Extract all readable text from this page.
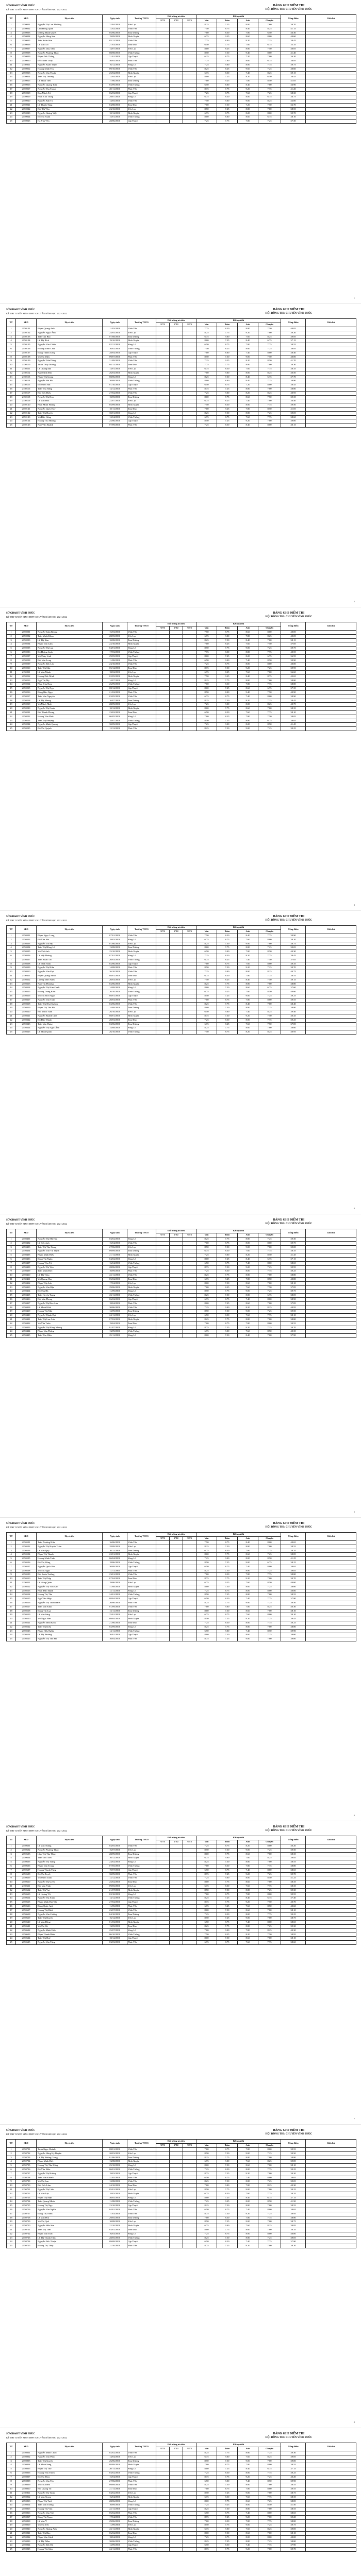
SỞ GD&ĐT VĨNH PHÚC
KỲ THI TUYỂN SINH THPT CHUYÊN NĂM HỌC 2021-2022
BẢNG GHI ĐIỂM THI
HỘI ĐỒNG THI: CHUYÊN VĨNH PHÚC
TT	SBD	Họ và tên	Ngày sinh	Trường THCS	Đối tượng ưu tiên			Kết quả thi				Tổng điểm	Ghi chú
					ƯT1	ƯT2	ƯT3	Văn	Toán	Anh	Chuyên		
1	2150001	Nguyễn Thị Lan Phương	22/04/2006	Yên Lạc				8.25	7.25	9.00	7.60	39.70	
2	2150002	Chu Hồng Quân	11/02/2006	Vĩnh Yên				7.50	8.75	8.40	8.25	41.15	
3	2150003	Dương Minh Quyết	05/06/2006	Tam Dương				7.00	8.50	7.80	6.50	36.30	
4	2150004	Nguyễn Hồng Sơn	19/09/2006	Bình Xuyên				6.75	9.25	8.60	8.00	40.60	
5	2150005	Trần Xuân Sơn	03/11/2006	Vĩnh Yên				7.75	8.00	9.20	7.25	39.45	
6	2150006	Lê Văn Tài	27/03/2006	Tam Đảo				6.50	7.75	7.60	6.75	35.35	
7	2150007	Nguyễn Duy Tâm	14/07/2006	Yên Lạc				8.00	8.25	8.80	7.50	40.05	
8	2150008	Nguyễn Phương Thảo	08/08/2006	Vĩnh Tường				8.50	7.50	9.40	8.00	41.40	
9	2150009	Phạm Đức Thắng	21/01/2006	Lập Thạch				6.25	8.75	7.20	7.00	36.20	
10	2150010	Đỗ Thanh Thủy	30/05/2006	Phúc Yên				7.75	7.00	8.60	6.75	36.85	
11	2150011	Nguyễn Xuân Thịnh	16/12/2006	Sông Lô				7.25	9.00	8.00	7.75	39.75	
12	2150012	Hoàng Minh Thu	09/10/2006	Vĩnh Yên				8.25	8.25	9.60	7.25	40.60	
13	2150013	Nguyễn Văn Thuận	25/02/2006	Bình Xuyên				6.75	8.50	7.40	8.25	39.15	
14	2150014	Trần Thị Thương	12/04/2006	Yên Lạc				8.00	7.25	8.20	6.50	36.45	
15	2150015	Lê Minh Tiến	17/06/2006	Tam Dương				7.00	9.25	7.80	8.50	41.05	
16	2150016	Nguyễn Quang Toàn	02/09/2006	Vĩnh Tường				6.50	8.00	8.40	7.00	36.90	
17	2150017	Nguyễn Thu Trang	20/11/2006	Phúc Yên				8.75	7.75	9.20	7.75	41.20	
18	2150018	Đào Minh Trí	06/03/2006	Lập Thạch				7.25	8.75	7.60	7.25	38.30	
19	2150019	Phan Văn Trung	29/07/2006	Sông Lô				6.75	8.50	8.00	6.75	36.75	
20	2150020	Nguyễn Anh Tú	13/05/2006	Vĩnh Yên				7.50	9.00	9.00	8.25	42.00	
21	2150021	Lê Thanh Tùng	04/08/2006	Tam Đảo				7.00	7.50	7.20	7.50	36.70	
22	2150022	Bùi Thị Vân	23/10/2006	Yên Lạc				8.50	7.25	8.80	7.00	38.55	
23	2150023	Nguyễn Hoàng Việt	10/12/2006	Bình Xuyên				6.75	8.75	8.20	8.00	39.70	
24	2150024	Đỗ Thị Xuân	15/01/2006	Vĩnh Tường				8.00	8.00	8.60	6.75	38.10	
25	2150025	Hà Văn Yên	28/06/2006	Lập Thạch				7.25	7.75	7.80	7.25	37.30	
1
SỞ GD&ĐT VĨNH PHÚC
KỲ THI TUYỂN SINH THPT CHUYÊN NĂM HỌC 2021-2022
BẢNG GHI ĐIỂM THI
HỘI ĐỒNG THI: CHUYÊN VĨNH PHÚC
TT	SBD	Họ và tên	Ngày sinh	Trường THCS	Đối tượng ưu tiên			Kết quả thi				Tổng điểm	Ghi chú
					ƯT1	ƯT2	ƯT3	Văn	Toán	Anh	Chuyên		
1	2150101	Phạm Quang Anh	11/03/2006	Vĩnh Yên				7.75	8.50	8.80	7.50	40.05	
2	2150102	Nguyễn Ngọc Ánh	24/05/2006	Yên Lạc				8.25	7.75	9.20	7.00	39.20	
3	2150103	Trần Gia Bảo	07/08/2006	Tam Dương				6.75	9.00	7.60	8.25	39.85	
4	2150104	Lê Thị Bích	19/10/2006	Bình Xuyên				8.00	7.25	8.40	6.75	37.15	
5	2150105	Nguyễn Văn Chiến	02/12/2006	Sông Lô				6.50	8.75	7.80	7.75	38.55	
6	2150106	Hoàng Minh Châu	16/02/2006	Vĩnh Tường				7.50	8.25	8.60	7.25	38.85	
7	2150107	Đặng Thành Công	28/04/2006	Lập Thạch				7.00	8.00	7.40	8.00	38.40	
8	2150108	Vũ Thị Diệu	09/07/2006	Phúc Yên				8.50	7.50	9.00	7.50	40.00	
9	2150109	Nguyễn Tiến Dũng	21/09/2006	Vĩnh Yên				7.25	9.25	8.20	8.50	41.70	
10	2150110	Trịnh Thùy Dương	04/11/2006	Tam Đảo				7.75	7.75	8.80	7.00	38.30	
11	2150111	Lê Quang Đạt	13/01/2006	Yên Lạc				6.75	8.50	7.60	7.75	38.35	
12	2150112	Ngô Minh Đức	26/03/2006	Bình Xuyên				7.00	9.00	8.00	8.25	40.50	
13	2150113	Phạm Thị Giang	08/06/2006	Sông Lô				8.25	7.50	8.40	6.75	37.70	
14	2150114	Nguyễn Hải Hà	20/08/2006	Vĩnh Tường				8.00	8.00	9.40	7.25	39.90	
15	2150115	Đỗ Minh Hải	01/10/2006	Lập Thạch				6.50	8.75	7.20	8.00	38.45	
16	2150116	Trần Thu Hằng	14/12/2006	Phúc Yên				8.75	7.25	8.80	7.00	38.80	
17	2150117	Bùi Đức Hiếu	27/02/2006	Vĩnh Yên				7.25	9.00	8.20	8.25	40.95	
18	2150118	Nguyễn Thị Hoa	10/05/2006	Tam Dương				8.00	7.75	8.60	7.50	39.35	
19	2150119	Lê Văn Hòa	22/07/2006	Yên Lạc				6.75	8.25	7.40	7.00	36.40	
20	2150120	Phan Minh Hoàng	05/09/2006	Bình Xuyên				7.50	8.50	8.00	7.75	39.50	
21	2150121	Nguyễn Quốc Huy	18/11/2006	Tam Đảo				7.00	9.25	7.80	8.50	41.05	
22	2150122	Trần Thị Huyền	30/01/2006	Sông Lô				8.25	7.50	8.80	7.25	39.05	
23	2150123	Vũ Đức Hưng	12/04/2006	Vĩnh Tường				6.75	8.75	7.60	7.75	38.60	
24	2150124	Hoàng Thu Hương	25/06/2006	Lập Thạch				8.50	7.25	9.20	7.00	39.00	
25	2150125	Ngô Văn Khánh	07/09/2006	Phúc Yên				7.25	8.50	8.40	8.00	40.15	
2
SỞ GD&ĐT VĨNH PHÚC
KỲ THI TUYỂN SINH THPT CHUYÊN NĂM HỌC 2021-2022
BẢNG GHI ĐIỂM THI
HỘI ĐỒNG THI: CHUYÊN VĨNH PHÚC
TT	SBD	Họ và tên	Ngày sinh	Trường THCS	Đối tượng ưu tiên			Kết quả thi				Tổng điểm	Ghi chú
					ƯT1	ƯT2	ƯT3	Văn	Toán	Anh	Chuyên		
1	2150201	Nguyễn Tuấn Khang	15/03/2006	Vĩnh Yên				7.50	8.75	8.60	8.00	40.85	
2	2150202	Trần Minh Khoa	28/05/2006	Yên Lạc				6.75	9.00	7.80	8.25	40.05	
3	2150203	Lê Thị Kim	10/08/2006	Tam Dương				8.25	7.50	8.40	7.00	38.15	
4	2150204	Phạm Văn Lâm	22/10/2006	Bình Xuyên				7.00	8.25	7.60	7.50	37.85	
5	2150205	Nguyễn Thị Lan	04/01/2006	Sông Lô				8.50	7.75	9.00	7.25	39.75	
6	2150206	Đỗ Hoàng Linh	17/03/2006	Vĩnh Tường				7.75	8.50	8.80	7.75	40.55	
7	2150207	Vũ Thùy Linh	29/05/2006	Lập Thạch				8.00	7.25	8.20	6.75	36.95	
8	2150208	Bùi Văn Long	11/08/2006	Phúc Yên				6.50	9.00	7.40	8.50	39.90	
9	2150209	Nguyễn Đức Lộc	23/10/2006	Vĩnh Yên				7.25	8.75	8.00	8.00	40.00	
10	2150210	Trần Thị Mai	05/12/2006	Tam Đảo				8.75	7.50	9.20	7.25	39.95	
11	2150211	Lê Văn Mạnh	18/02/2006	Yên Lạc				6.75	8.25	7.60	7.00	36.60	
12	2150212	Hoàng Đức Minh	02/05/2006	Bình Xuyên				7.50	9.25	8.40	8.75	42.65	
13	2150213	Ngô Thị My	14/07/2006	Sông Lô				8.25	7.75	8.80	7.00	38.80	
14	2150214	Phan Văn Nam	26/09/2006	Vĩnh Tường				7.00	8.50	7.80	7.75	38.80	
15	2150215	Nguyễn Thị Nga	08/12/2006	Lập Thạch				8.00	7.25	8.60	6.75	37.35	
16	2150216	Đặng Bảo Ngọc	21/02/2006	Phúc Yên				8.50	8.00	9.40	7.50	40.90	
17	2150217	Trần Văn Nguyên	03/05/2006	Vĩnh Yên				6.75	8.75	7.40	8.00	38.90	
18	2150218	Lê Thị Nhung	16/07/2006	Tam Dương				8.25	7.50	8.20	7.25	38.45	
19	2150219	Vũ Minh Nhật	28/09/2006	Yên Lạc				7.25	9.00	8.00	8.25	40.75	
20	2150220	Nguyễn Thị Oanh	10/12/2006	Bình Xuyên				8.00	7.75	8.60	7.00	38.35	
21	2150221	Bùi Thanh Phong	23/02/2006	Tam Đảo				6.50	8.50	7.60	7.75	38.10	
22	2150222	Hoàng Văn Phúc	06/05/2006	Sông Lô				7.00	8.25	7.80	7.50	38.05	
23	2150223	Trần Thị Phượng	18/07/2006	Vĩnh Tường				8.50	7.25	8.80	6.75	38.05	
24	2150224	Nguyễn Minh Quang	30/09/2006	Lập Thạch				7.25	9.00	8.20	8.50	41.45	
25	2150225	Đỗ Thị Quỳnh	12/12/2006	Phúc Yên				8.25	7.50	9.00	7.25	39.25	
3
SỞ GD&ĐT VĨNH PHÚC
KỲ THI TUYỂN SINH THPT CHUYÊN NĂM HỌC 2021-2022
BẢNG GHI ĐIỂM THI
HỘI ĐỒNG THI: CHUYÊN VĨNH PHÚC
TT	SBD	Họ và tên	Ngày sinh	Trường THCS	Đối tượng ưu tiên			Kết quả thi				Tổng điểm	Ghi chú
					ƯT1	ƯT2	ƯT3	Văn	Toán	Anh	Chuyên		
1	2150301	Phạm Ngọc Long	07/01/2006	Vĩnh Yên				7.50	8.50	8.40	7.75	39.90	
2	2150302	Đỗ Văn Hải	19/03/2006	Sông Lô				6.75	8.75	7.60	8.00	39.10	
3	2150303	Nguyễn Trà My	01/06/2006	Yên Lạc				8.25	7.50	9.00	7.00	38.75	
4	2150304	Trần Thị Hồng Lê	13/08/2006	Tam Dương				8.00	7.75	8.80	7.25	39.05	
5	2150305	Vũ Thế Anh	25/10/2006	Bình Xuyên				6.50	9.00	7.80	8.50	40.30	
6	2150306	Lê Việt Hoàng	07/01/2006	Sông Lô				7.25	8.50	8.20	7.75	39.45	
7	2150307	Trần Xuân Tài	20/03/2006	Vĩnh Tường				6.75	8.25	7.40	7.50	37.65	
8	2150308	Lê Đình Nam	02/06/2006	Lập Thạch				7.00	8.75	7.60	8.00	39.35	
9	2150309	Nguyễn Thị Hiền	14/08/2006	Phúc Yên				8.50	7.50	9.20	7.25	39.70	
10	2150310	Nguyễn Văn Đạt	26/10/2006	Vĩnh Yên				7.25	9.00	8.00	8.25	40.75	
11	2150311	Phạm Quang Minh	08/01/2006	Tam Đảo				6.75	8.50	7.80	7.75	38.55	
12	2150312	Lương Đình Nam	20/03/2006	Yên Lạc				7.50	8.25	8.40	7.50	39.15	
13	2150313	Ngô Thị Phương	02/06/2006	Bình Xuyên				8.25	7.75	8.80	7.00	38.80	
14	2150314	Nguyễn Thị Kim Oanh	14/08/2006	Sông Lô				8.00	7.50	8.60	6.75	37.60	
15	2150315	Hoàng Trung Kiên	26/10/2006	Vĩnh Tường				6.75	9.25	7.60	8.50	40.60	
16	2150316	Vũ Thị Bích Ngọc	08/01/2006	Lập Thạch				8.50	7.25	9.00	7.25	39.25	
17	2150317	Nguyễn Văn Toàn	20/03/2006	Phúc Yên				7.00	8.75	7.80	8.00	39.55	
18	2150318	Trần Thị Như Quỳnh	02/06/2006	Vĩnh Yên				8.25	7.75	8.40	7.00	38.40	
19	2150319	Phạm Thị Thu Hà	14/08/2006	Tam Dương				8.00	7.50	8.80	7.25	38.80	
20	2150320	Bùi Minh Tuấn	26/10/2006	Yên Lạc				6.50	9.00	7.40	8.25	39.40	
21	2150321	Nguyễn Khánh Linh	08/01/2006	Bình Xuyên				8.75	7.50	9.20	7.50	40.45	
22	2150322	Đỗ Đức Thành	20/03/2006	Tam Đảo				7.25	8.50	8.00	7.75	39.25	
23	2150323	Trần Văn Hưng	02/06/2006	Tam Dương				6.75	8.25	7.60	7.50	37.85	
24	2150324	Nguyễn Thị Ngọc Ánh	14/08/2006	Sông Lô				8.25	7.75	8.60	7.00	38.60	
25	2150325	Lê Minh Quân	26/10/2006	Vĩnh Tường				7.50	8.75	8.20	8.25	40.95	
4
SỞ GD&ĐT VĨNH PHÚC
KỲ THI TUYỂN SINH THPT CHUYÊN NĂM HỌC 2021-2022
BẢNG GHI ĐIỂM THI
HỘI ĐỒNG THI: CHUYÊN VĨNH PHÚC
TT	SBD	Họ và tên	Ngày sinh	Trường THCS	Đối tượng ưu tiên			Kết quả thi				Tổng điểm	Ghi chú
					ƯT1	ƯT2	ƯT3	Văn	Toán	Anh	Chuyên		
1	2150401	Nguyễn Thị Mỹ Hân	03/02/2006	Sông Lô				8.25	7.75	8.80	7.25	39.30	
2	2150402	Lê Đức Anh	15/04/2006	Vĩnh Yên				7.00	8.75	8.00	8.00	39.75	
3	2150403	Trần Thị Thu Trang	27/06/2006	Yên Lạc				8.50	7.50	9.00	7.00	39.00	
4	2150404	Nguyễn Văn Vũ Thịnh	09/09/2006	Tam Dương				6.75	8.50	7.60	7.75	38.35	
5	2150405	Phạm Minh Hiếu	21/11/2006	Bình Xuyên				7.25	9.00	8.20	8.50	41.45	
6	2150406	Đặng Thị Ngân	04/02/2006	Sông Lô				8.00	7.25	8.40	6.75	37.15	
7	2150407	Hoàng Văn Tú	16/04/2006	Vĩnh Tường				6.50	8.75	7.40	8.00	38.65	
8	2150408	Nguyễn Thị Yến	28/06/2006	Lập Thạch				8.75	7.50	9.20	7.25	39.95	
9	2150409	Trần Minh Đức	10/09/2006	Phúc Yên				7.25	8.50	8.00	7.75	39.25	
10	2150410	Lê Thị Thảo	22/11/2006	Vĩnh Yên				8.25	7.75	8.80	7.00	38.80	
11	2150411	Vũ Quang Huy	05/02/2006	Tam Đảo				6.75	9.25	7.80	8.50	40.80	
12	2150412	Phạm Thị Ánh	17/04/2006	Yên Lạc				8.00	7.50	8.60	7.00	38.10	
13	2150413	Nguyễn Văn Hậu	29/06/2006	Bình Xuyên				7.00	8.25	7.60	7.50	37.85	
14	2150414	Đỗ Thu Hà	11/09/2006	Sông Lô				8.50	7.75	9.00	7.25	39.75	
15	2150415	Trần Huyền Trang	23/11/2006	Vĩnh Tường				8.25	7.50	8.80	6.75	38.05	
16	2150416	Bùi Văn Phong	06/02/2006	Lập Thạch				6.75	8.75	7.40	8.00	38.90	
17	2150417	Nguyễn Thị Bảo Anh	18/04/2006	Phúc Yên				8.00	7.25	8.60	7.00	37.85	
18	2150418	Lê Minh Khôi	30/06/2006	Vĩnh Yên				7.25	9.00	8.20	8.25	40.95	
19	2150419	Hoàng Thị Mai	12/09/2006	Tam Dương				8.50	7.50	9.00	7.25	39.50	
20	2150420	Nguyễn Thành Đạt	24/11/2006	Yên Lạc				6.50	8.50	7.60	7.75	38.10	
21	2150421	Trần Thị Lan Anh	07/02/2006	Bình Xuyên				8.25	7.75	8.80	7.00	38.80	
22	2150422	Vũ Văn Tuấn	19/04/2006	Tam Đảo				7.00	8.75	7.80	8.00	39.55	
23	2150423	Nguyễn Thị Hồng Nhung	01/07/2006	Sông Lô				8.75	7.25	9.20	7.25	39.70	
24	2150424	Phạm Văn Thắng	13/09/2006	Vĩnh Tường				6.75	9.00	7.60	8.50	40.35	
25	2150425	Trần Thu Hiền	25/11/2006	Sông Lô				8.00	7.50	8.40	7.00	37.90	
5
SỞ GD&ĐT VĨNH PHÚC
KỲ THI TUYỂN SINH THPT CHUYÊN NĂM HỌC 2021-2022
BẢNG GHI ĐIỂM THI
HỘI ĐỒNG THI: CHUYÊN VĨNH PHÚC
TT	SBD	Họ và tên	Ngày sinh	Trường THCS	Đối tượng ưu tiên			Kết quả thi				Tổng điểm	Ghi chú
					ƯT1	ƯT2	ƯT3	Văn	Toán	Anh	Chuyên		
1	2150501	Trần Phương Hiếu	16/06/2006	Vĩnh Yên				7.50	8.75	8.40	8.00	40.65	
2	2150502	Nguyễn Thị Huyền Trâm	28/08/2006	Yên Lạc				8.25	7.50	8.80	7.00	38.55	
3	2150503	Lê Văn Quý	10/11/2006	Tam Dương				6.75	8.50	7.60	7.75	38.35	
4	2150504	Phạm Thị Thanh	22/01/2006	Bình Xuyên				8.00	7.75	8.60	7.25	38.85	
5	2150505	Hoàng Minh Tuấn	06/04/2006	Sông Lô				7.25	9.00	8.00	8.50	41.25	
6	2150506	Đỗ Thị Hồng	18/06/2006	Vĩnh Tường				8.50	7.25	9.00	6.75	38.25	
7	2150507	Nguyễn Quốc Bảo	30/08/2006	Lập Thạch				6.50	8.75	7.40	8.00	38.65	
8	2150508	Vũ Thị Ngọc	11/11/2006	Phúc Yên				8.25	7.50	8.80	7.25	39.05	
9	2150509	Bùi Xuân Trường	23/01/2006	Vĩnh Yên				7.00	8.50	7.80	7.75	38.80	
10	2150510	Trần Thị Diệp	07/04/2006	Tam Đảo				8.75	7.75	9.20	7.00	39.70	
11	2150511	Lê Hồng Quân	19/06/2006	Yên Lạc				6.75	9.25	7.60	8.50	40.60	
12	2150512	Nguyễn Thị Vân Anh	31/08/2006	Bình Xuyên				8.00	7.50	8.60	7.25	38.60	
13	2150513	Phan Đức Mạnh	12/11/2006	Sông Lô				7.25	8.75	8.00	8.00	40.00	
14	2150514	Hoàng Thị Thu	24/01/2006	Vĩnh Tường				8.50	7.25	8.80	7.00	38.55	
15	2150515	Ngô Văn Hiệp	08/04/2006	Lập Thạch				6.50	8.50	7.40	7.75	37.90	
16	2150516	Nguyễn Thị Thanh Hoa	20/06/2006	Phúc Yên				8.25	7.75	9.00	7.25	39.50	
17	2150517	Trần Văn Khải	01/09/2006	Vĩnh Yên				7.00	9.00	7.80	8.25	40.30	
18	2150518	Đặng Thị Lụa	13/11/2006	Tam Dương				8.00	7.50	8.60	7.00	38.10	
19	2150519	Lê Văn Sáng	25/01/2006	Yên Lạc				6.75	8.75	7.60	8.00	39.10	
20	2150520	Vũ Ngọc Hân	09/04/2006	Bình Xuyên				8.50	7.25	9.20	7.25	39.45	
21	2150521	Nguyễn Đình Khoa	21/06/2006	Tam Đảo				7.25	8.50	8.00	7.75	39.25	
22	2150522	Trần Thị Kiều	02/09/2006	Sông Lô				8.25	7.75	8.80	7.00	38.80	
23	2150523	Phạm Hữu Nghĩa	14/11/2006	Vĩnh Tường				6.50	9.00	7.40	8.50	39.90	
24	2150524	Lê Thị Phương	26/01/2006	Lập Thạch				8.00	7.50	8.60	7.25	38.60	
25	2150525	Nguyễn Thị Thu Hà	10/04/2006	Phúc Yên				8.75	7.25	9.00	7.00	39.00	
6
SỞ GD&ĐT VĨNH PHÚC
KỲ THI TUYỂN SINH THPT CHUYÊN NĂM HỌC 2021-2022
BẢNG GHI ĐIỂM THI
HỘI ĐỒNG THI: CHUYÊN VĨNH PHÚC
TT	SBD	Họ và tên	Ngày sinh	Trường THCS	Đối tượng ưu tiên			Kết quả thi				Tổng điểm	Ghi chú
					ƯT1	ƯT2	ƯT3	Văn	Toán	Anh	Chuyên		
1	2150601	Lê Văn Thắng	04/05/2006	Vĩnh Yên				7.25	8.75	8.20	8.00	40.20	
2	2150602	Nguyễn Phương Thảo	16/07/2006	Yên Lạc				8.50	7.50	9.00	7.25	39.50	
3	2150603	Lâm Thị Thu Thủy	28/09/2006	Tam Dương				8.00	7.75	8.60	7.00	38.35	
4	2150604	Trần Đức Tiến	10/12/2006	Bình Xuyên				6.75	9.00	7.60	8.25	39.85	
5	2150605	Nguyễn Thị Trang	23/02/2006	Sông Lô				8.25	7.50	8.80	7.00	38.55	
6	2150606	Phạm Văn Trung	07/05/2006	Vĩnh Tường				7.00	8.50	7.80	7.75	38.80	
7	2150607	Hoàng Thanh Tùng	19/07/2006	Lập Thạch				6.50	8.75	7.40	8.00	38.65	
8	2150608	Đỗ Thị Tuyết	30/09/2006	Phúc Yên				8.75	7.25	9.20	7.25	39.70	
9	2150609	Vũ Minh Tuấn	12/12/2006	Vĩnh Yên				7.25	9.00	8.00	8.50	41.25	
10	2150610	Nguyễn Thị Uyên	25/02/2006	Tam Đảo				8.00	7.75	8.60	7.00	38.35	
11	2150611	Bùi Văn Vinh	09/05/2006	Yên Lạc				6.75	8.50	7.60	7.75	38.35	
12	2150612	Trần Thị Vui	21/07/2006	Bình Xuyên				8.50	7.50	8.80	7.25	39.30	
13	2150613	Lê Hoàng Vũ	02/10/2006	Sông Lô				7.00	8.75	7.80	8.00	39.55	
14	2150614	Nguyễn Thị Xuân	14/12/2006	Vĩnh Tường				8.25	7.25	8.40	6.75	37.40	
15	2150615	Phạm Minh Hải Yến	27/02/2006	Lập Thạch				8.75	7.75	9.20	7.50	40.70	
16	2150616	Đặng Quốc Anh	11/05/2006	Phúc Yên				6.75	9.25	7.60	8.50	40.60	
17	2150617	Hoàng Thị Bình	23/07/2006	Vĩnh Yên				8.00	7.50	8.60	7.00	38.10	
18	2150618	Nguyễn Văn Cường	04/10/2006	Tam Dương				7.25	8.50	8.00	7.75	39.25	
19	2150619	Trần Thị Duyên	16/12/2006	Yên Lạc				8.50	7.25	9.00	7.00	38.75	
20	2150620	Lê Văn Đông	01/03/2006	Bình Xuyên				6.50	8.75	7.40	8.00	38.65	
21	2150621	Vũ Thị Hà	13/05/2006	Tam Đảo				8.25	7.75	8.80	7.25	39.30	
22	2150622	Nguyễn Minh Hiển	25/07/2006	Sông Lô				7.00	9.00	7.80	8.25	40.30	
23	2150623	Phạm Thanh Bình	06/10/2006	Vĩnh Tường				7.50	8.25	8.20	7.50	38.95	
24	2150624	Trần Thị Huệ	18/12/2006	Lập Thạch				8.00	7.50	8.60	7.00	38.10	
25	2150625	Nguyễn Văn Tùng	03/03/2006	Phúc Yên				6.75	8.75	7.60	7.75	38.60	
7
SỞ GD&ĐT VĨNH PHÚC
KỲ THI TUYỂN SINH THPT CHUYÊN NĂM HỌC 2021-2022
BẢNG GHI ĐIỂM THI
HỘI ĐỒNG THI: CHUYÊN VĨNH PHÚC
TT	SBD	Họ và tên	Ngày sinh	Trường THCS	Đối tượng ưu tiên			Kết quả thi				Tổng điểm	Ghi chú
					ƯT1	ƯT2	ƯT3	Văn	Toán	Anh	Chuyên		
1	2150701	Trịnh Ngọc Hoành	08/01/2006	Vĩnh Yên				7.00	8.75	7.80	8.00	39.55	
2	2150702	Nguyễn Hồng Kỳ Duyên	20/03/2006	Yên Lạc				8.50	7.50	9.00	7.25	39.50	
3	2150703	Lê Thị Hương Giang	01/06/2006	Tam Dương				8.25	7.75	8.80	7.00	38.80	
4	2150704	Phạm Minh Đức	13/08/2006	Bình Xuyên				6.75	9.00	7.60	8.25	39.85	
5	2150705	Hoàng Thị Thu Hằng	25/10/2006	Sông Lô				8.00	7.50	8.60	7.00	38.10	
6	2150706	Đỗ Văn Hiếu	06/01/2006	Vĩnh Tường				7.25	8.50	8.00	7.75	39.25	
7	2150707	Nguyễn Thị Hương	19/03/2006	Lập Thạch				8.75	7.25	9.20	7.00	39.20	
8	2150708	Trần Văn Khánh	31/05/2006	Phúc Yên				6.50	8.75	7.40	8.00	38.65	
9	2150709	Vũ Thị Lan	12/08/2006	Vĩnh Yên				8.25	7.50	8.80	7.25	39.05	
10	2150710	Bùi Đức Lâm	24/10/2006	Tam Đảo				7.00	9.00	7.80	8.25	40.30	
11	2150711	Nguyễn Thị Liên	05/01/2006	Yên Lạc				8.50	7.75	9.00	7.00	39.25	
12	2150712	Lê Văn Lực	18/03/2006	Bình Xuyên				6.75	8.50	7.60	7.75	38.35	
13	2150713	Phạm Thị Mận	30/05/2006	Sông Lô				8.00	7.25	8.40	6.75	37.15	
14	2150714	Trần Quang Minh	11/08/2006	Vĩnh Tường				7.25	9.25	8.00	8.50	41.50	
15	2150715	Hoàng Thị Nga	23/10/2006	Lập Thạch				8.25	7.50	8.80	7.00	38.55	
16	2150716	Nguyễn Văn Nghĩa	04/01/2006	Phúc Yên				6.50	8.75	7.40	8.00	38.65	
17	2150717	Đặng Thị Oanh	17/03/2006	Vĩnh Yên				8.75	7.50	9.20	7.25	39.95	
18	2150718	Lê Văn Phú	29/05/2006	Tam Dương				7.00	8.50	7.80	7.75	38.80	
19	2150719	Vũ Thị Quế	10/08/2006	Yên Lạc				8.50	7.25	9.00	7.00	38.75	
20	2150720	Nguyễn Hữu Sơn	22/10/2006	Bình Xuyên				6.75	9.00	7.60	8.25	39.85	
21	2150721	Trần Thị Tâm	03/01/2006	Tam Đảo				8.00	7.75	8.60	7.00	38.35	
22	2150722	Phạm Văn Thái	16/03/2006	Sông Lô				7.25	8.75	8.00	8.00	40.00	
23	2150723	Lê Thị Thanh Tâm	28/05/2006	Vĩnh Tường				8.25	7.50	8.80	7.25	39.05	
24	2150724	Nguyễn Đức Thuận	09/08/2006	Lập Thạch				6.50	8.50	7.40	7.75	37.90	
25	2150725	Hoàng Thị Thúy	21/10/2006	Phúc Yên				8.75	7.25	9.20	7.00	39.20	
8
SỞ GD&ĐT VĨNH PHÚC
KỲ THI TUYỂN SINH THPT CHUYÊN NĂM HỌC 2021-2022
BẢNG GHI ĐIỂM THI
HỘI ĐỒNG THI: CHUYÊN VĨNH PHÚC
TT	SBD	Họ và tên	Ngày sinh	Trường THCS	Đối tượng ưu tiên			Kết quả thi				Tổng điểm	Ghi chú
					ƯT1	ƯT2	ƯT3	Văn	Toán	Anh	Chuyên		
1	2150801	Nguyễn Minh Châu	02/02/2006	Vĩnh Yên				8.25	7.75	8.80	7.25	39.30	
2	2150802	Nguyễn Văn Phúc	14/04/2006	Yên Lạc				6.75	9.00	7.60	8.25	39.85	
3	2150803	Trần Thị Quyên	26/06/2006	Tam Dương				8.50	7.50	9.00	7.00	39.00	
4	2150804	Lê Minh Sang	08/09/2006	Bình Xuyên				7.00	8.75	7.80	8.00	39.55	
5	2150805	Phạm Thị Thơ	20/11/2006	Sông Lô				8.00	7.25	8.40	6.75	37.15	
6	2150806	Hoàng Văn Thiện	03/02/2006	Vĩnh Tường				7.25	8.50	8.00	7.75	39.25	
7	2150807	Đỗ Thị Thùy	15/04/2006	Lập Thạch				8.75	7.75	9.20	7.25	40.20	
8	2150808	Nguyễn Văn Tín	27/06/2006	Phúc Yên				6.50	9.00	7.40	8.50	39.90	
9	2150809	Vũ Thị Trâm	09/09/2006	Vĩnh Yên				8.25	7.50	8.80	7.00	38.55	
10	2150810	Bùi Quang Trí	21/11/2006	Tam Đảo				7.00	8.75	7.80	8.00	39.55	
11	2150811	Nguyễn Thị Trinh	04/02/2006	Yên Lạc				8.50	7.25	9.00	7.00	38.75	
12	2150812	Lê Văn Trọng	16/04/2006	Bình Xuyên				6.75	8.50	7.60	7.75	38.35	
13	2150813	Phạm Thị Tươi	28/06/2006	Sông Lô				8.00	7.75	8.60	7.25	38.85	
14	2150814	Trần Văn Tường	10/09/2006	Vĩnh Tường				7.25	9.25	8.00	8.50	41.50	
15	2150815	Hoàng Thị Vân	22/11/2006	Lập Thạch				8.25	7.50	8.80	7.00	38.55	
16	2150816	Nguyễn Văn Việt	05/02/2006	Phúc Yên				6.50	8.75	7.40	8.00	38.65	
17	2150817	Đặng Thị Xoan	17/04/2006	Vĩnh Yên				8.75	7.25	9.20	7.00	39.20	
18	2150818	Lê Văn Ý	29/06/2006	Tam Dương				7.00	8.50	7.80	7.75	38.80	
19	2150819	Vũ Thị Yến	11/09/2006	Yên Lạc				8.50	7.75	9.00	7.25	39.75	
20	2150820	Nguyễn Hoàng Anh	23/11/2006	Bình Xuyên				6.75	9.00	7.60	8.25	39.85	
21	2150821	Trần Thị Bảo	06/02/2006	Tam Đảo				8.00	7.50	8.60	7.00	38.10	
22	2150822	Phạm Văn Cảnh	18/04/2006	Sông Lô				7.25	8.75	8.00	8.00	40.00	
23	2150823	Lê Thị Diễm	30/06/2006	Vĩnh Tường				8.25	7.25	8.80	7.25	38.80	
24	2150824	Nguyễn Đức Độ	12/09/2006	Lập Thạch				6.50	8.50	7.40	7.75	37.90	
25	2150825	Hoàng Thị Gấm	24/11/2006	Phúc Yên				8.75	7.75	9.20	7.00	39.70	
